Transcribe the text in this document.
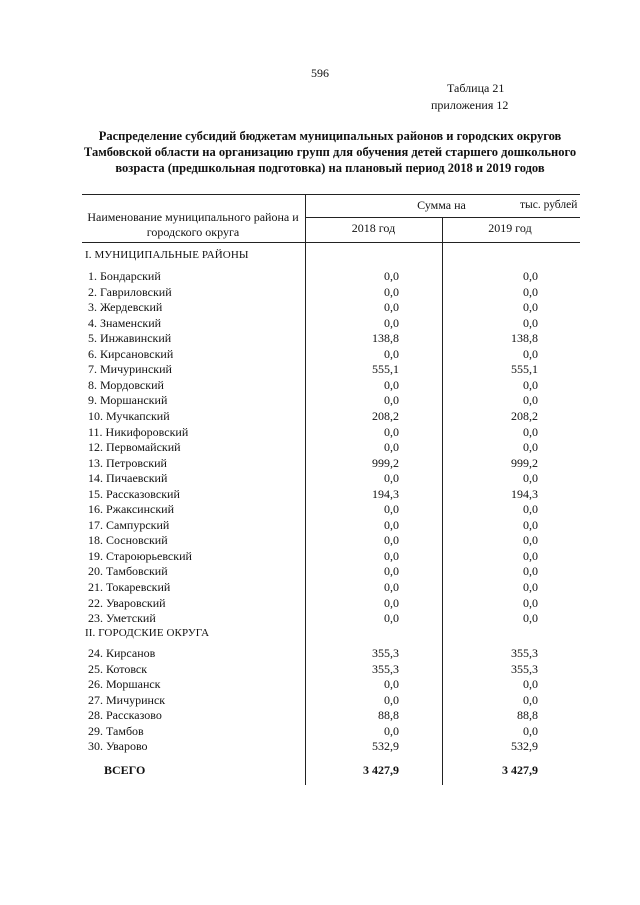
596
Таблица 21
приложения 12
Распределение субсидий бюджетам муниципальных районов и городских округов
Тамбовской области на организацию групп для обучения детей старшего дошкольного
возраста (предшкольная подготовка) на плановый период 2018 и 2019 годов
тыс. рублей
Наименование муниципального района и городского округа
Сумма на
2018 год	2019 год
I. МУНИЦИПАЛЬНЫЕ РАЙОНЫ
II. ГОРОДСКИЕ ОКРУГА
1. Бондарский	0,0	0,0
2. Гавриловский	0,0	0,0
3. Жердевский	0,0	0,0
4. Знаменский	0,0	0,0
5. Инжавинский	138,8	138,8
6. Кирсановский	0,0	0,0
7. Мичуринский	555,1	555,1
8. Мордовский	0,0	0,0
9. Моршанский	0,0	0,0
10. Мучкапский	208,2	208,2
11. Никифоровский	0,0	0,0
12. Первомайский	0,0	0,0
13. Петровский	999,2	999,2
14. Пичаевский	0,0	0,0
15. Рассказовский	194,3	194,3
16. Ржаксинский	0,0	0,0
17. Сампурский	0,0	0,0
18. Сосновский	0,0	0,0
19. Староюрьевский	0,0	0,0
20. Тамбовский	0,0	0,0
21. Токаревский	0,0	0,0
22. Уваровский	0,0	0,0
23. Уметский	0,0	0,0
24. Кирсанов	355,3	355,3
25. Котовск	355,3	355,3
26. Моршанск	0,0	0,0
27. Мичуринск	0,0	0,0
28. Рассказово	88,8	88,8
29. Тамбов	0,0	0,0
30. Уварово	532,9	532,9
ВСЕГО	3 427,9	3 427,9
